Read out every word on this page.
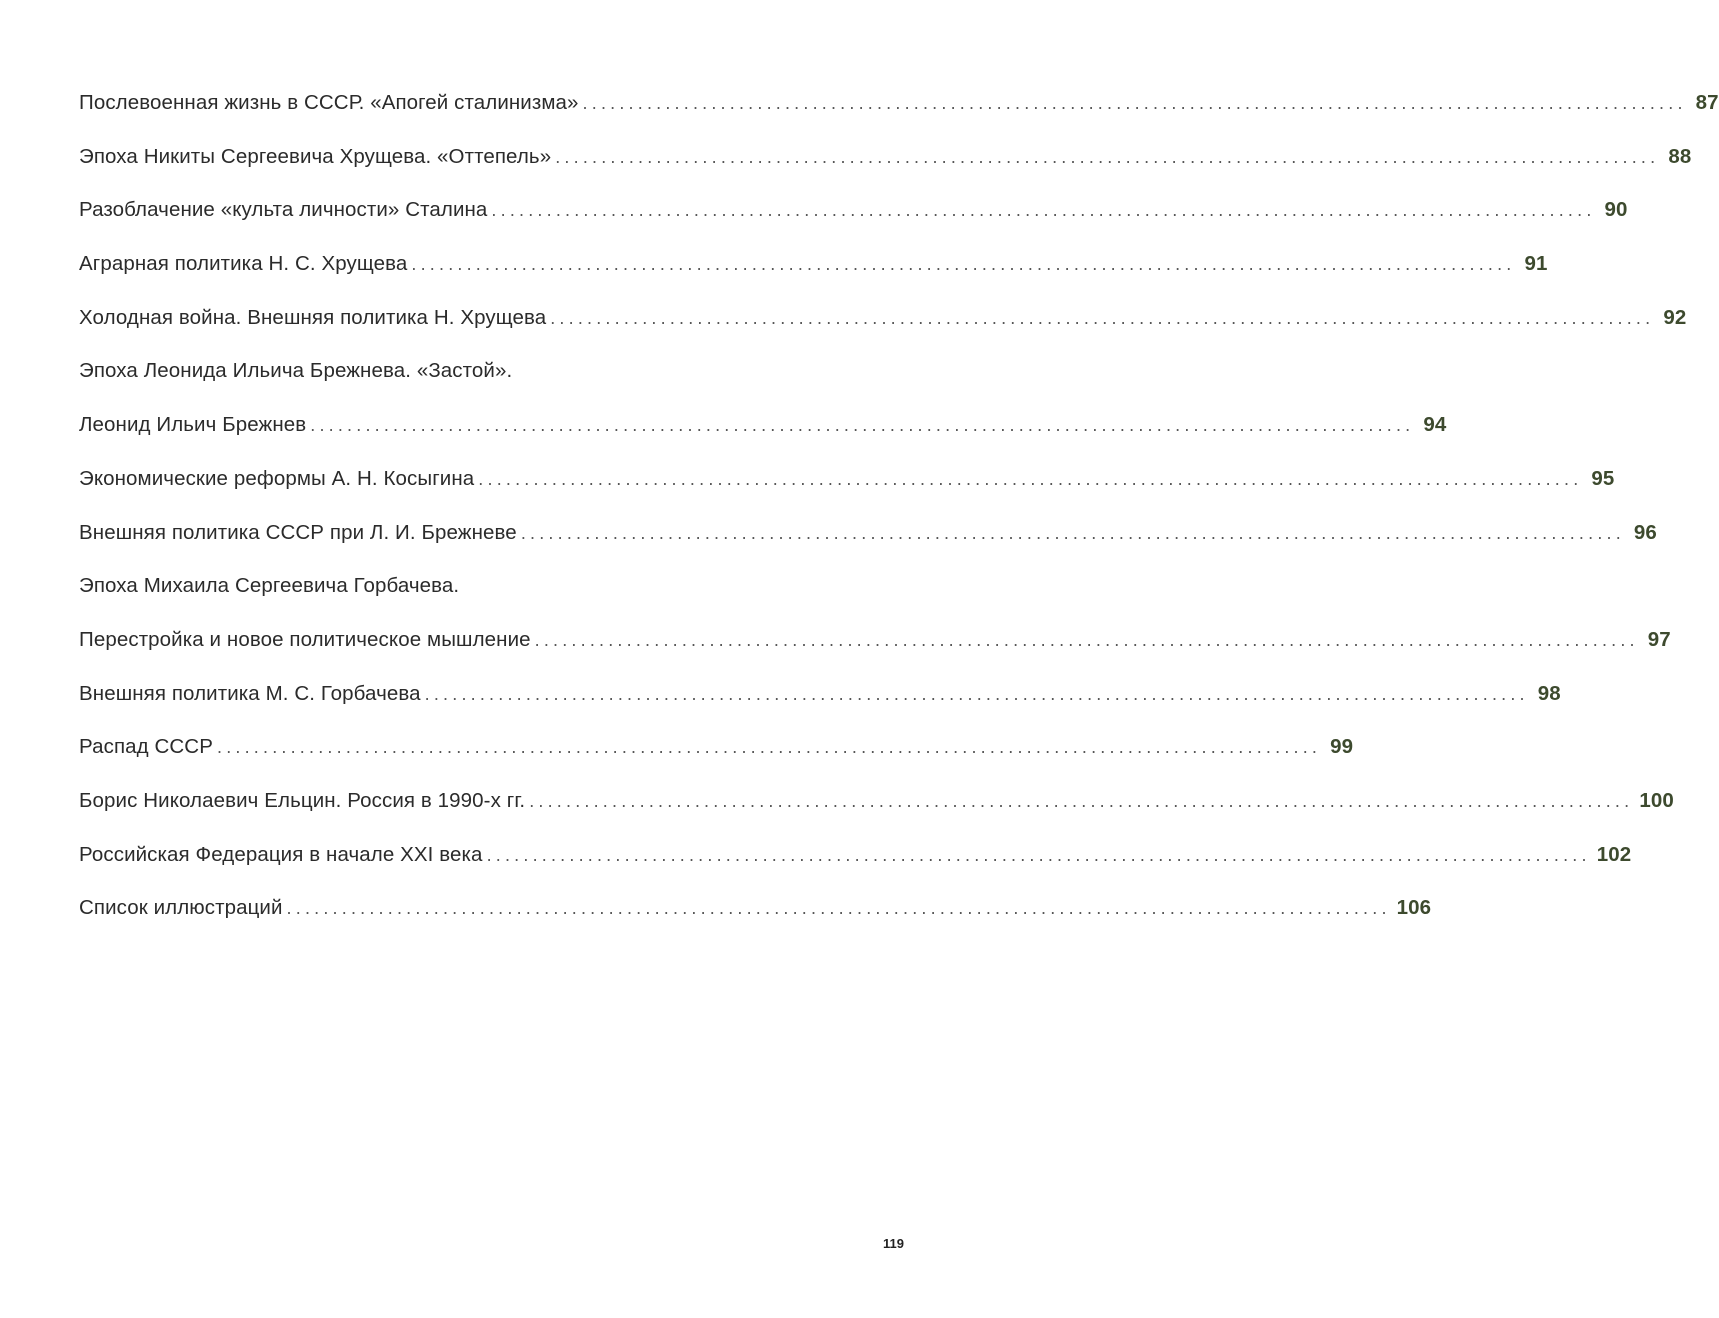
Послевоенная жизнь в СССР. «Апогей сталинизма» ........................................................................................................................ 87
Эпоха Никиты Сергеевича Хрущева. «Оттепель» ........................................................................................................................ 88
Разоблачение «культа личности» Сталина ........................................................................................................................ 90
Аграрная политика Н. С. Хрущева ........................................................................................................................ 91
Холодная война. Внешняя политика Н. Хрущева ........................................................................................................................ 92
Эпоха Леонида Ильича Брежнева. «Застой».
Леонид Ильич Брежнев ........................................................................................................................ 94
Экономические реформы А. Н. Косыгина ........................................................................................................................ 95
Внешняя политика СССР при Л. И. Брежневе ........................................................................................................................ 96
Эпоха Михаила Сергеевича Горбачева.
Перестройка и новое политическое мышление ........................................................................................................................ 97
Внешняя политика М. С. Горбачева ........................................................................................................................ 98
Распад СССР ........................................................................................................................ 99
Борис Николаевич Ельцин. Россия в 1990-х гг. ........................................................................................................................ 100
Российская Федерация в начале XXI века ........................................................................................................................ 102
Список иллюстраций ........................................................................................................................ 106
119
